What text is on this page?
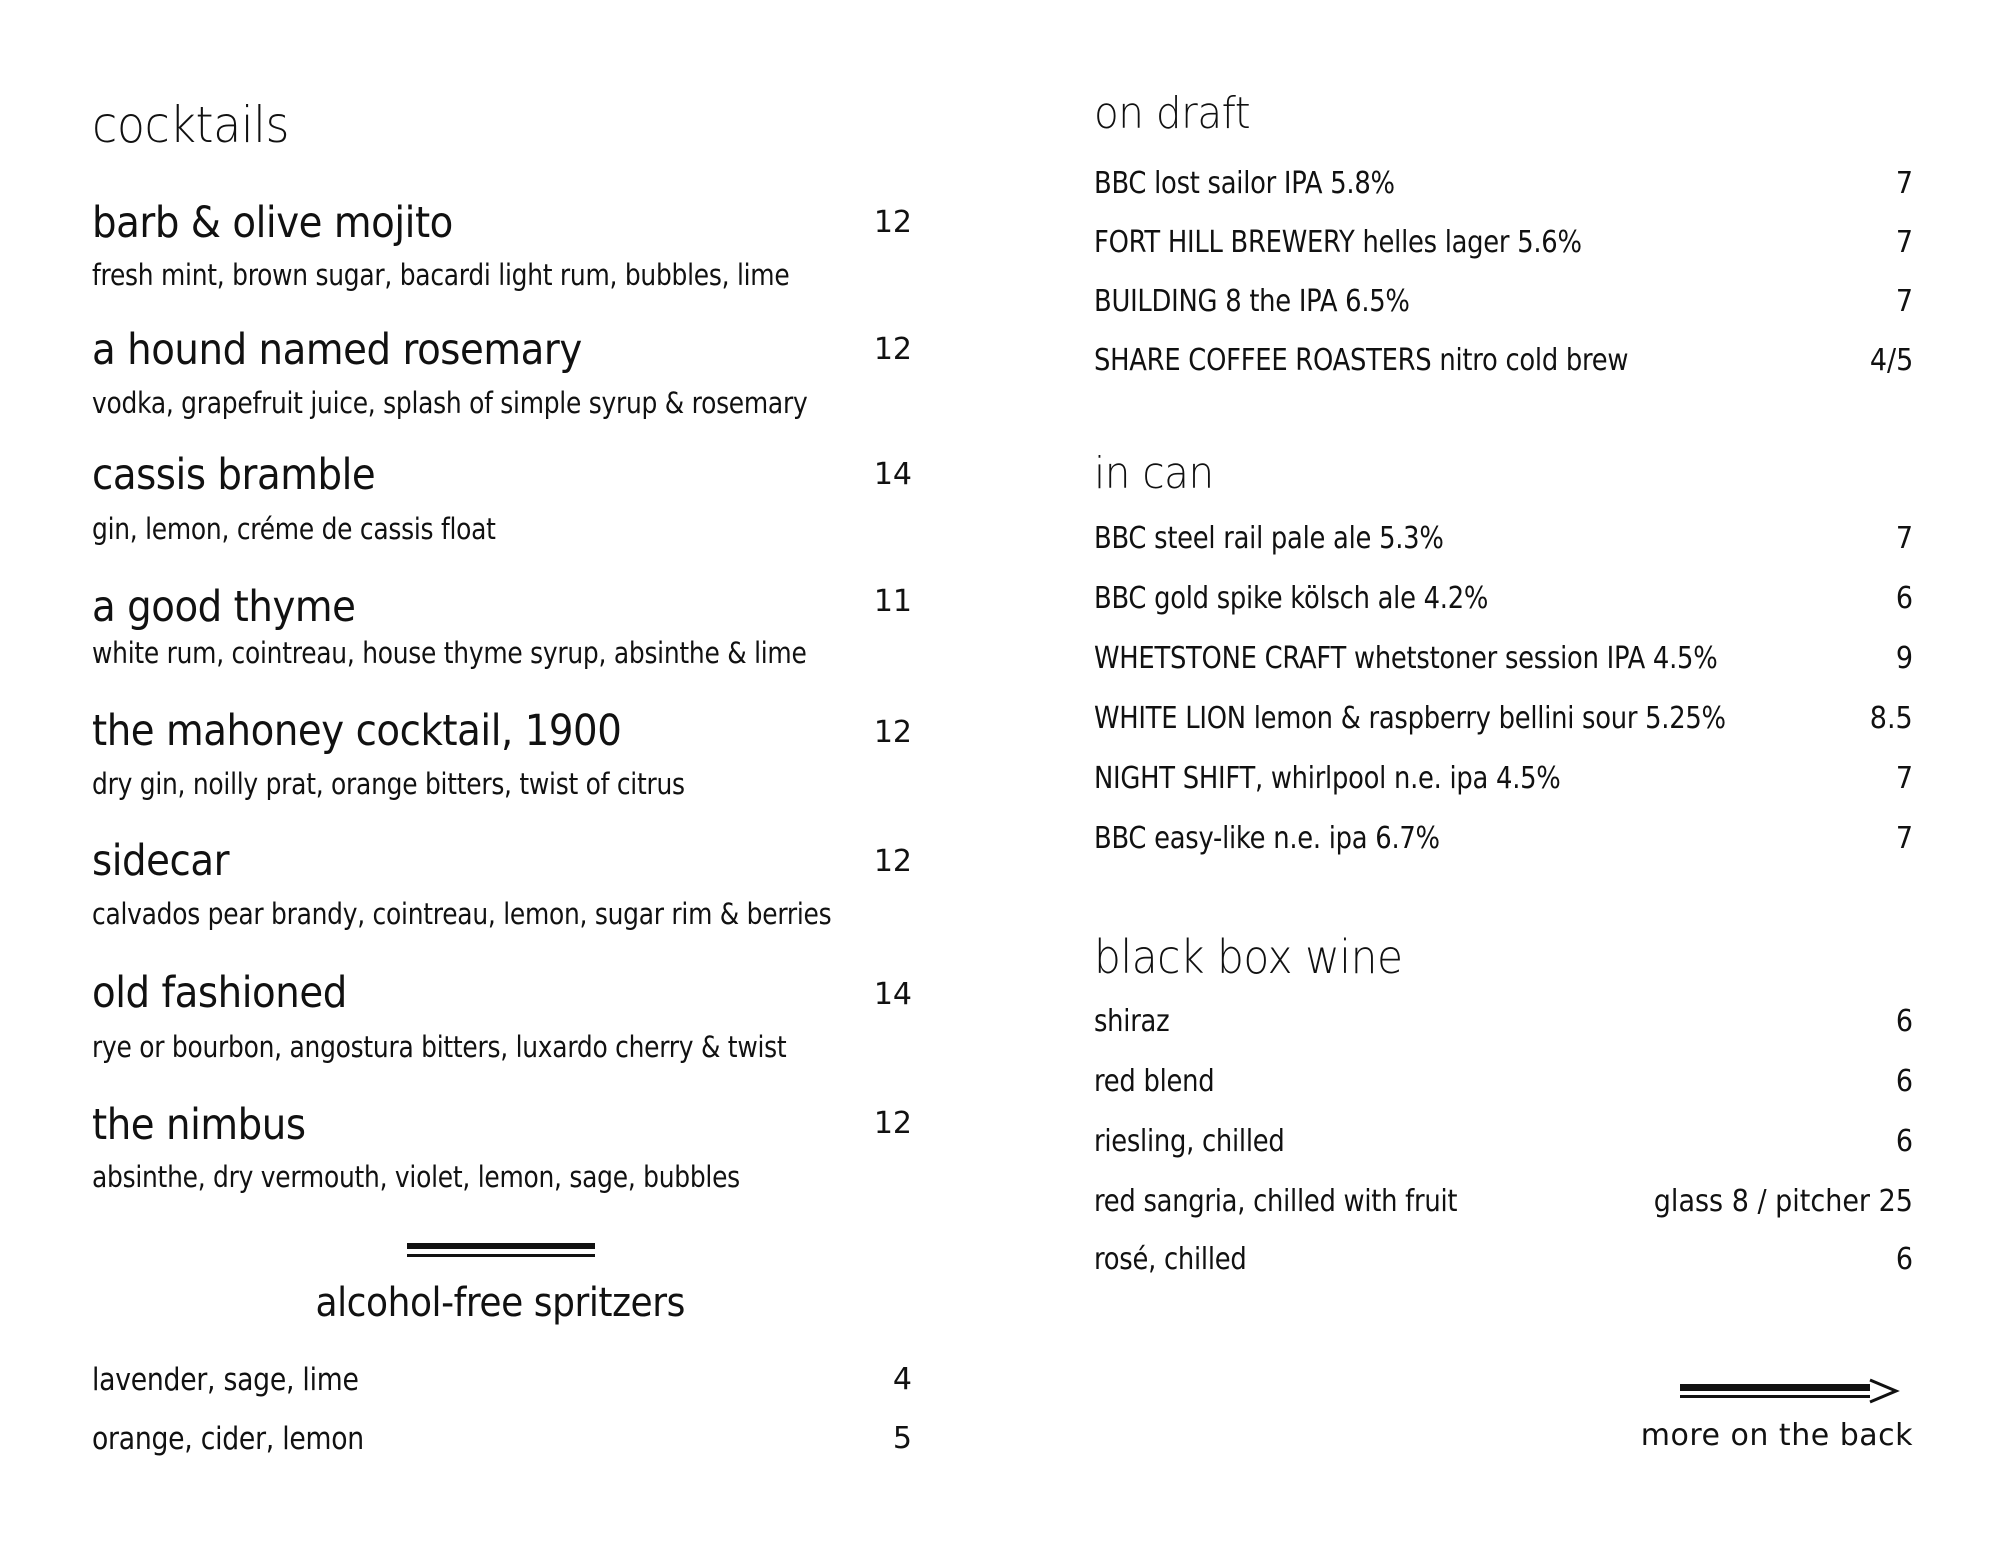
cocktails
barb & olive mojito	12
fresh mint, brown sugar, bacardi light rum, bubbles, lime
a hound named rosemary	12
vodka, grapefruit juice, splash of simple syrup & rosemary
cassis bramble	14
gin, lemon, créme de cassis float
a good thyme	11
white rum, cointreau, house thyme syrup, absinthe & lime
the mahoney cocktail, 1900	12
dry gin, noilly prat, orange bitters, twist of citrus
sidecar	12
calvados pear brandy, cointreau, lemon, sugar rim & berries
old fashioned	14
rye or bourbon, angostura bitters, luxardo cherry & twist
the nimbus	12
absinthe, dry vermouth, violet, lemon, sage, bubbles
alcohol-free spritzers
lavender, sage, lime	4
orange, cider, lemon	5
on draft
BBC lost sailor IPA 5.8%	7
FORT HILL BREWERY helles lager 5.6%	7
BUILDING 8 the IPA 6.5%	7
SHARE COFFEE ROASTERS nitro cold brew	4/5
in can
BBC steel rail pale ale 5.3%	7
BBC gold spike kölsch ale 4.2%	6
WHETSTONE CRAFT whetstoner session IPA 4.5%	9
WHITE LION lemon & raspberry bellini sour 5.25%	8.5
NIGHT SHIFT, whirlpool n.e. ipa 4.5%	7
BBC easy-like n.e. ipa 6.7%	7
black box wine
shiraz	6
red blend	6
riesling, chilled	6
red sangria, chilled with fruit	glass 8 / pitcher 25
rosé, chilled	6
more on the back
